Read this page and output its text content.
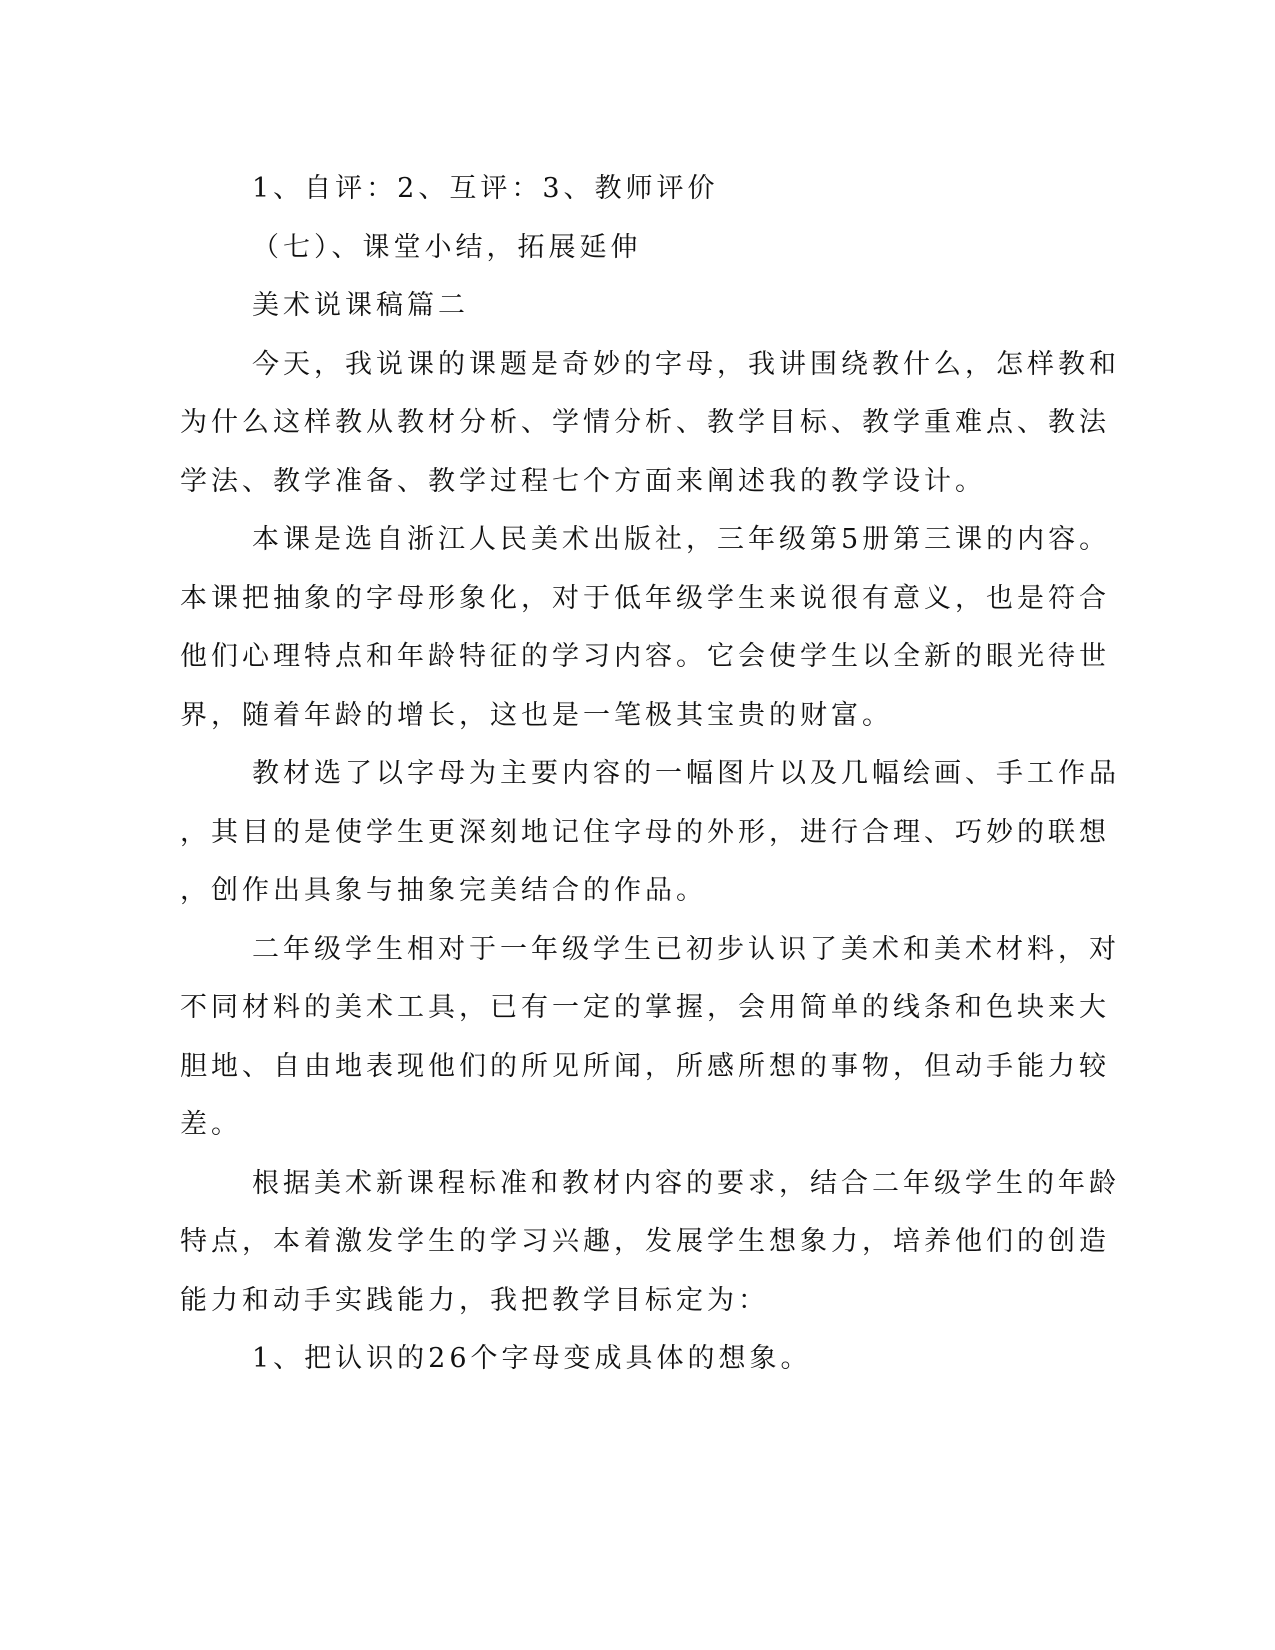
1、自评：2、互评：3、教师评价
（七）、课堂小结，拓展延伸
美术说课稿篇二
今天，我说课的课题是奇妙的字母，我讲围绕教什么，怎样教和
为什么这样教从教材分析、学情分析、教学目标、教学重难点、教法
学法、教学准备、教学过程七个方面来阐述我的教学设计。
本课是选自浙江人民美术出版社，三年级第5册第三课的内容。
本课把抽象的字母形象化，对于低年级学生来说很有意义，也是符合
他们心理特点和年龄特征的学习内容。它会使学生以全新的眼光待世
界，随着年龄的增长，这也是一笔极其宝贵的财富。
教材选了以字母为主要内容的一幅图片以及几幅绘画、手工作品
，其目的是使学生更深刻地记住字母的外形，进行合理、巧妙的联想
，创作出具象与抽象完美结合的作品。
二年级学生相对于一年级学生已初步认识了美术和美术材料，对
不同材料的美术工具，已有一定的掌握，会用简单的线条和色块来大
胆地、自由地表现他们的所见所闻，所感所想的事物，但动手能力较
差。
根据美术新课程标准和教材内容的要求，结合二年级学生的年龄
特点，本着激发学生的学习兴趣，发展学生想象力，培养他们的创造
能力和动手实践能力，我把教学目标定为：
1、把认识的26个字母变成具体的想象。
